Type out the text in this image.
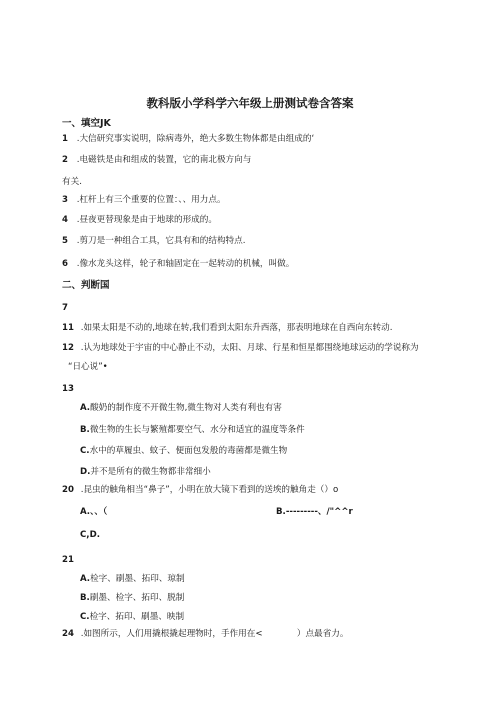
教科版小学科学六年级上册测试卷含答案
一、填空JK
1 .大信研究事实说明，除病毒外，绝大多数生物体都是由组成的‘
2 .电磁铁是由和组成的装置，它的南北极方向与
有关.
3 .杠杆上有三个重要的位置：、、用力点。
4 .昼夜更替现象是由于地球的形成的。
5 .剪刀是一种组合工具，它具有和的结构特点.
6 .像水龙头这样，轮子和轴固定在一起转动的机械，叫做。
二、判断国
7
11 .如果太阳是不动的,地球在转,我们看到太阳东升西落，那表明地球在自西向东转动.
12 .认为地球处于宇宙的中心静止不动，太阳、月球、行星和恒星都围绕地球运动的学说称为
“日心说”•
13
A.酸奶的制作度不开微生物,微生物对人类有利也有害
B.微生物的生长与繁殖都要空气、水分和适宜的温度等条件
C.水中的草履虫、蚊子、便面包发般的毒菌都是微生物
D.并不是所有的微生物都非常细小
20 .昆虫的触角相当“鼻子”，小明在放大镜下看到的送埃的触角走（）o
A.、、（	B.---------、/"^^r
C,D.
21
A.检字、刷墨、拓印、琼制
B.刷墨、检字、拓印、脱制
C.检字、拓印、刷墨、映制
24 .如图所示，人们用撬根撬起理物时，手作用在<　　　　）点最省力。
